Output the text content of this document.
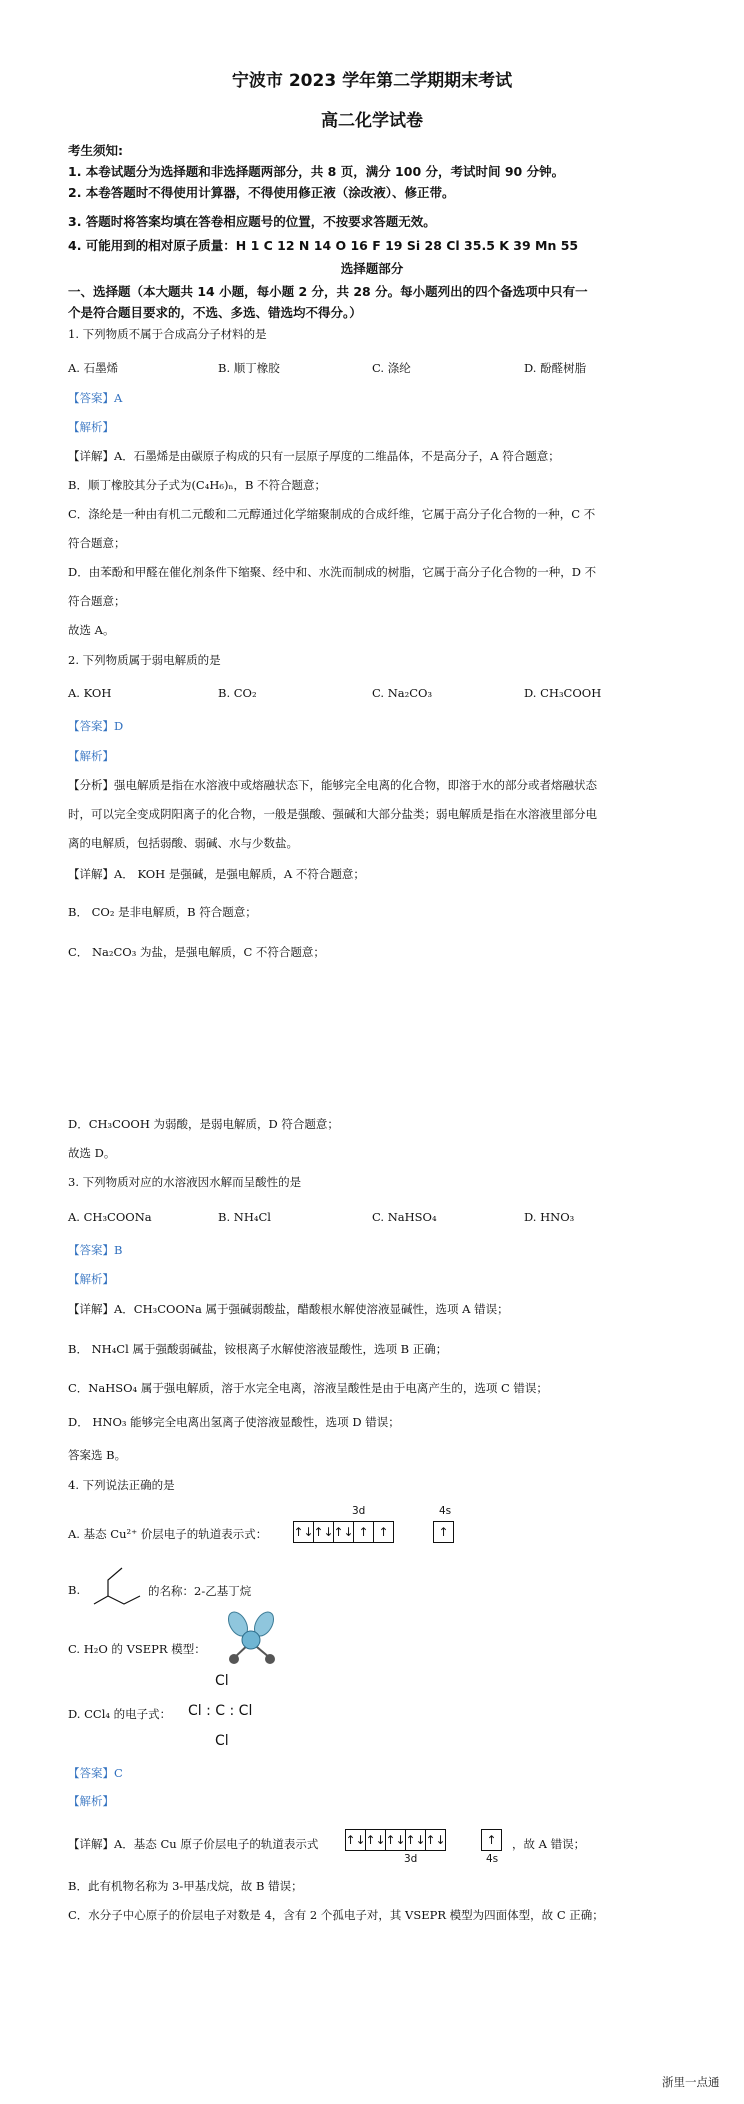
宁波市 2023 学年第二学期期末考试
高二化学试卷
考生须知:
1. 本卷试题分为选择题和非选择题两部分，共 8 页，满分 100 分，考试时间 90 分钟。
2. 本卷答题时不得使用计算器，不得使用修正液（涂改液）、修正带。
3. 答题时将答案均填在答卷相应题号的位置，不按要求答题无效。
4. 可能用到的相对原子质量：H 1 C 12 N 14 O 16 F 19 Si 28 Cl 35.5 K 39 Mn 55
选择题部分
一、选择题（本大题共 14 小题，每小题 2 分，共 28 分。每小题列出的四个备选项中只有一
个是符合题目要求的，不选、多选、错选均不得分。）
1. 下列物质不属于合成高分子材料的是
A. 石墨烯	B. 顺丁橡胶	C. 涤纶	D. 酚醛树脂
【答案】A
【解析】
【详解】A．石墨烯是由碳原子构成的只有一层原子厚度的二维晶体，不是高分子，A 符合题意；
B．顺丁橡胶其分子式为(C₄H₆)ₙ，B 不符合题意；
C．涤纶是一种由有机二元酸和二元醇通过化学缩聚制成的合成纤维，它属于高分子化合物的一种，C 不
符合题意；
D．由苯酚和甲醛在催化剂条件下缩聚、经中和、水洗而制成的树脂，它属于高分子化合物的一种，D 不
符合题意；
故选 A。
2. 下列物质属于弱电解质的是
A. KOH	B. CO₂	C. Na₂CO₃	D. CH₃COOH
【答案】D
【解析】
【分析】强电解质是指在水溶液中或熔融状态下，能够完全电离的化合物，即溶于水的部分或者熔融状态
时，可以完全变成阴阳离子的化合物，一般是强酸、强碱和大部分盐类；弱电解质是指在水溶液里部分电
离的电解质，包括弱酸、弱碱、水与少数盐。
【详解】A． KOH 是强碱，是强电解质，A 不符合题意；
B． CO₂ 是非电解质，B 符合题意；
C． Na₂CO₃ 为盐，是强电解质，C 不符合题意；
D．CH₃COOH 为弱酸，是弱电解质，D 符合题意；
故选 D。
3. 下列物质对应的水溶液因水解而呈酸性的是
A. CH₃COONa	B. NH₄Cl	C. NaHSO₄	D. HNO₃
【答案】B
【解析】
【详解】A．CH₃COONa 属于强碱弱酸盐，醋酸根水解使溶液显碱性，选项 A 错误；
B． NH₄Cl 属于强酸弱碱盐，铵根离子水解使溶液显酸性，选项 B 正确；
C．NaHSO₄ 属于强电解质，溶于水完全电离，溶液呈酸性是由于电离产生的，选项 C 错误；
D． HNO₃ 能够完全电离出氢离子使溶液显酸性，选项 D 错误；
答案选 B。
4. 下列说法正确的是
A. 基态 Cu²⁺ 价层电子的轨道表示式：
3d	4s
↑↓ ↑↓ ↑↓ ↑ ↑	↑
B.	的名称：2-乙基丁烷
C. H₂O 的 VSEPR 模型：
D. CCl₄ 的电子式：
Cl
Cl : C : Cl
Cl
【答案】C
【解析】
【详解】A．基态 Cu 原子价层电子的轨道表示式 ↑↓ ↑↓ ↑↓ ↑↓ ↑↓	↑
3d	4s
，故 A 错误；
B．此有机物名称为 3-甲基戊烷，故 B 错误；
C．水分子中心原子的价层电子对数是 4，含有 2 个孤电子对，其 VSEPR 模型为四面体型，故 C 正确；
浙里一点通
